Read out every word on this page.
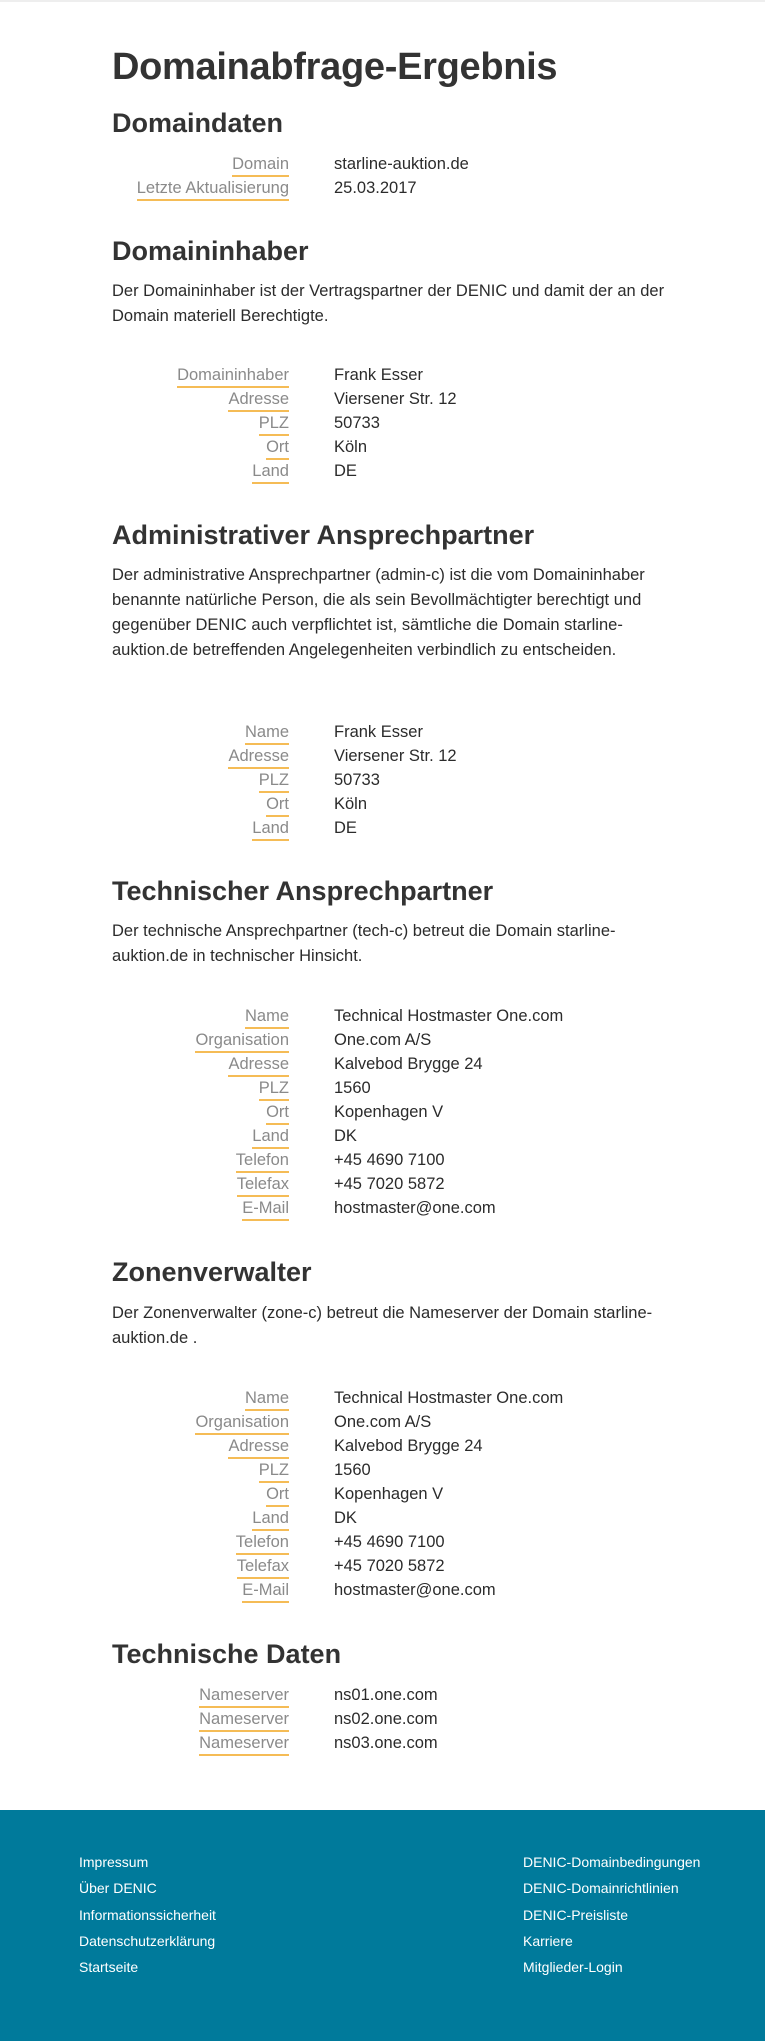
Domainabfrage-Ergebnis
Domaindaten
Domain	starline-auktion.de
Letzte Aktualisierung	25.03.2017
Domaininhaber

Der Domaininhaber ist der Vertragspartner der DENIC und damit der an der Domain materiell Berechtigte.

Domaininhaber	Frank Esser
Adresse	Viersener Str. 12
PLZ	50733
Ort	Köln
Land	DE
Administrativer Ansprechpartner

Der administrative Ansprechpartner (admin-c) ist die vom Domaininhaber benannte natürliche Person, die als sein Bevollmächtigter berechtigt und gegenüber DENIC auch verpflichtet ist, sämtliche die Domain starline-auktion.de betreffenden Angelegenheiten verbindlich zu entscheiden.

Name	Frank Esser
Adresse	Viersener Str. 12
PLZ	50733
Ort	Köln
Land	DE
Technischer Ansprechpartner

Der technische Ansprechpartner (tech-c) betreut die Domain starline-auktion.de in technischer Hinsicht.

Name	Technical Hostmaster One.com
Organisation	One.com A/S
Adresse	Kalvebod Brygge 24
PLZ	1560
Ort	Kopenhagen V
Land	DK
Telefon	+45 4690 7100
Telefax	+45 7020 5872
E-Mail	hostmaster@one.com
Zonenverwalter

Der Zonenverwalter (zone-c) betreut die Nameserver der Domain starline-auktion.de .

Name	Technical Hostmaster One.com
Organisation	One.com A/S
Adresse	Kalvebod Brygge 24
PLZ	1560
Ort	Kopenhagen V
Land	DK
Telefon	+45 4690 7100
Telefax	+45 7020 5872
E-Mail	hostmaster@one.com
Technische Daten
Nameserver	ns01.one.com
Nameserver	ns02.one.com
Nameserver	ns03.one.com
Impressum
Über DENIC
Informationssicherheit
Datenschutzerklärung
Startseite
DENIC-Domainbedingungen
DENIC-Domainrichtlinien
DENIC-Preisliste
Karriere
Mitglieder-Login
